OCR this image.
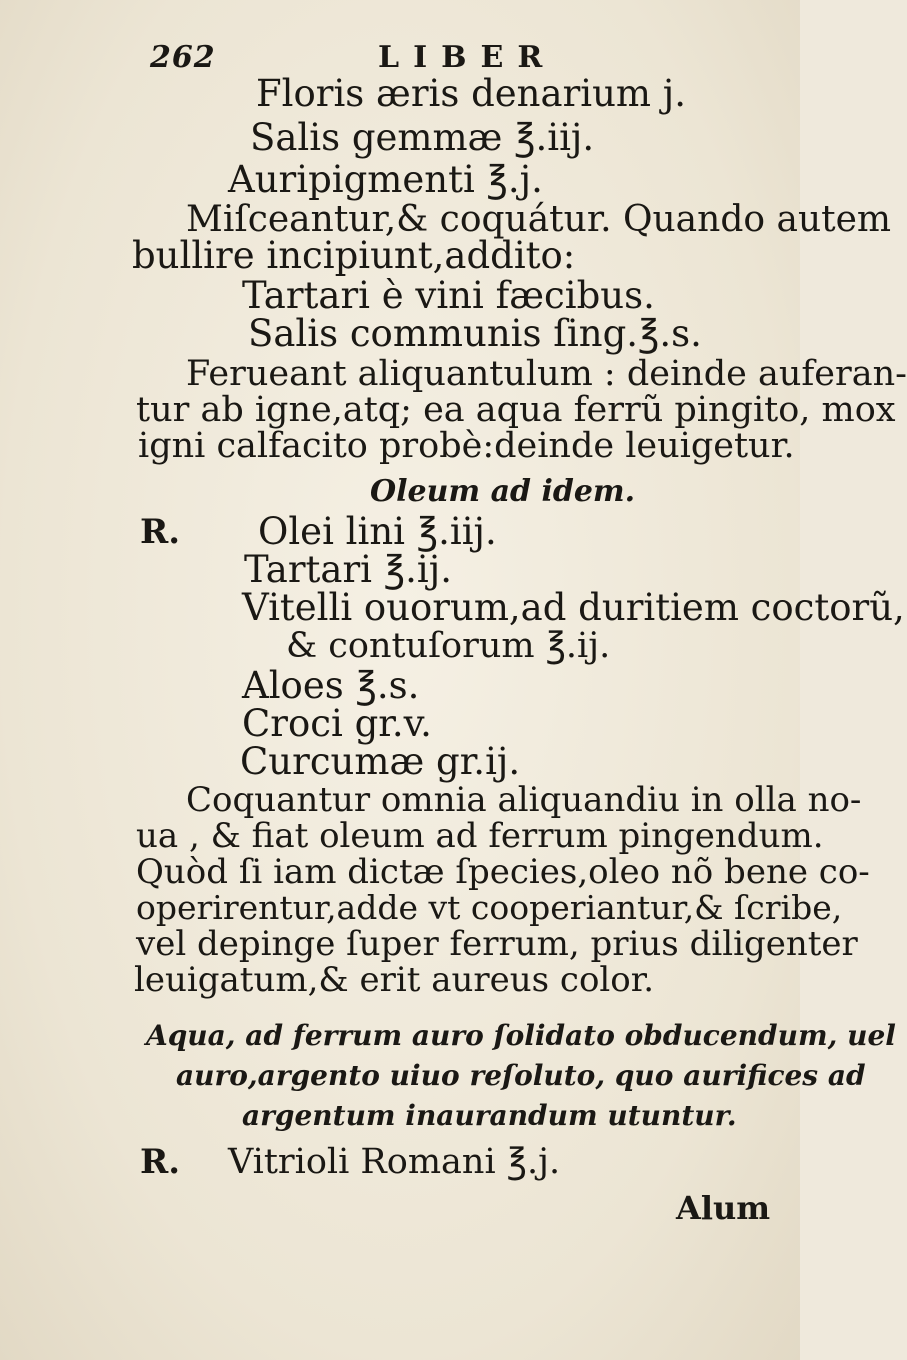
262	LIBER
Floris æris denarium j.
Salis gemmæ ℥.iij.
Auripigmenti ℥.j.
Miſceantur,& coquátur. Quando autem
bullire incipiunt,addito:
Tartari è vini fæcibus.
Salis communis ſing.℥.s.
Ferueant aliquantulum : deinde auferan-
tur ab igne,atq; ea aqua ferrũ pingito, mox
igni calfacito probè:deinde leuigetur.
Oleum ad idem.
R. Olei lini ℥.iij.
Tartari ℥.ij.
Vitelli ouorum,ad duritiem coctorũ,
& contuſorum ℥.ij.
Aloes ℥.s.
Croci gr.v.
Curcumæ gr.ij.
Coquantur omnia aliquandiu in olla no-
ua , & fiat oleum ad ferrum pingendum.
Quòd ſi iam dictæ ſpecies,oleo nõ bene co-
operirentur,adde vt cooperiantur,& ſcribe,
vel depinge ſuper ferrum, prius diligenter
leuigatum,& erit aureus color.
Aqua, ad ferrum auro ſolidato obducendum, uel
auro,argento uiuo reſoluto, quo aurifices ad
argentum inaurandum utuntur.
R. Vitrioli Romani ℥.j.
Alum
